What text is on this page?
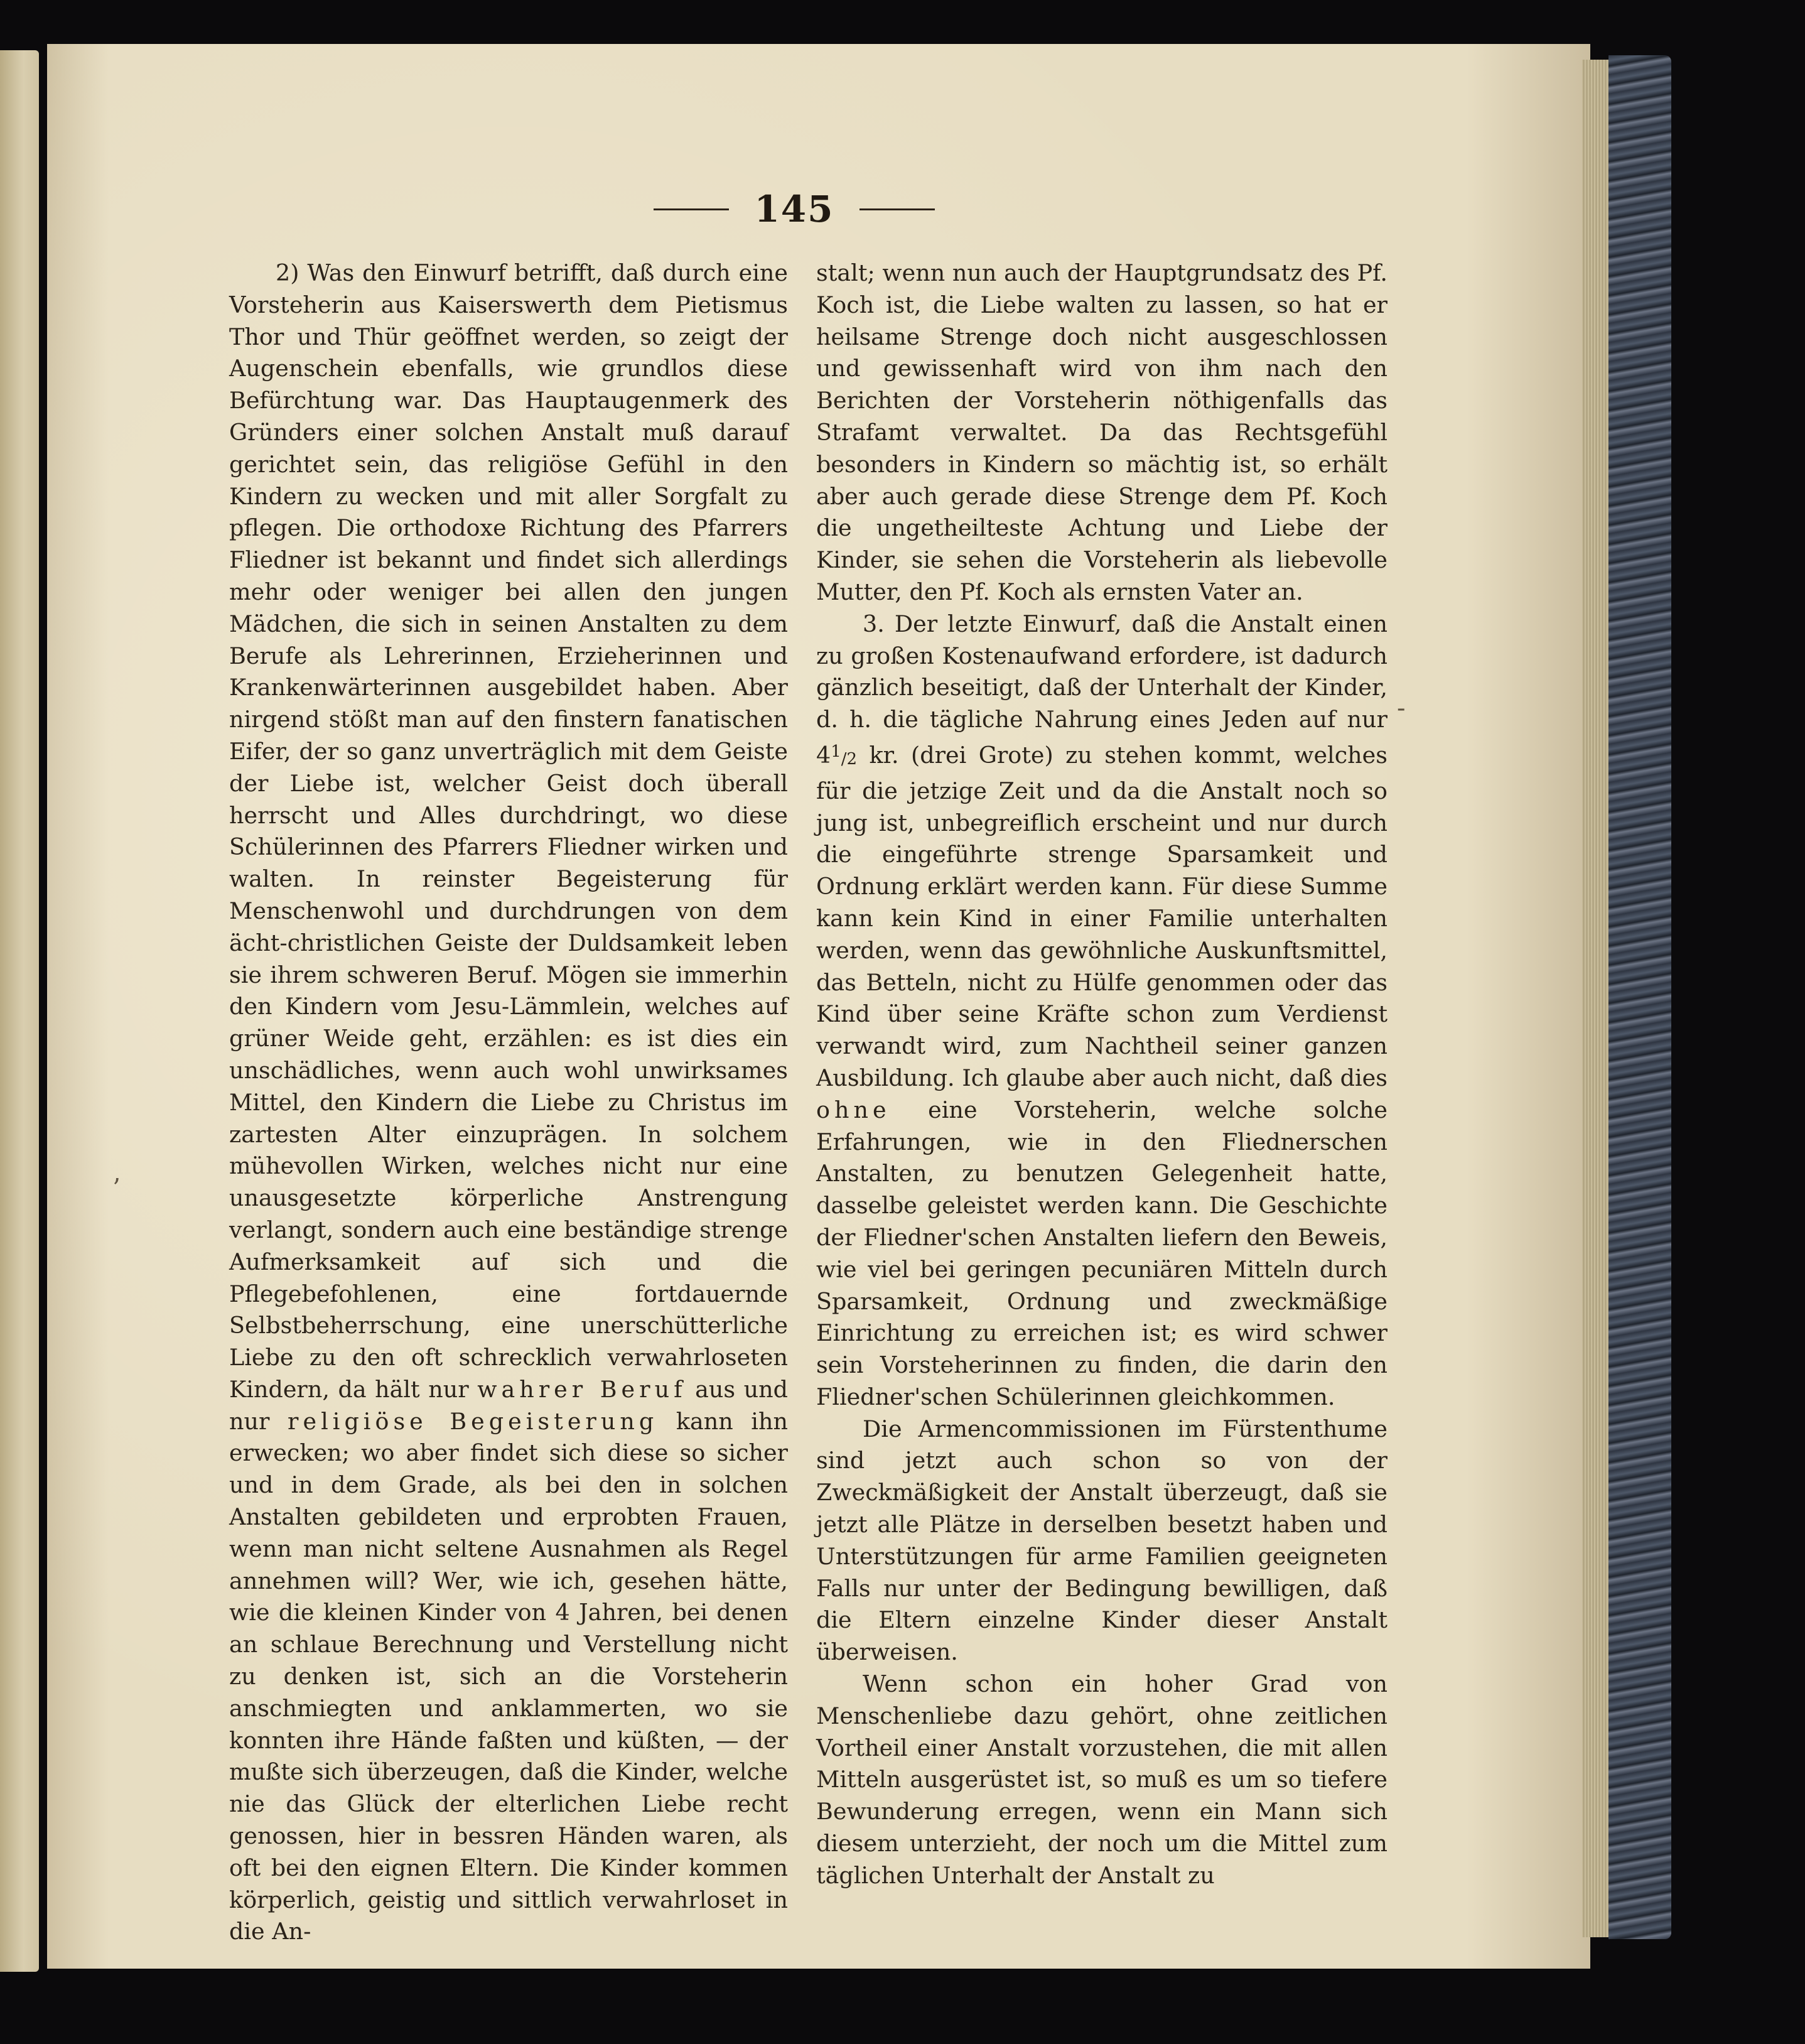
145

2) Was den Einwurf betrifft, daß durch eine Vorsteherin aus Kaiserswerth dem Pietismus Thor und Thür geöffnet werden, so zeigt der Augenschein ebenfalls, wie grundlos diese Befürchtung war. Das Hauptaugenmerk des Gründers einer solchen Anstalt muß darauf gerichtet sein, das religiöse Gefühl in den Kindern zu wecken und mit aller Sorgfalt zu pflegen. Die orthodoxe Richtung des Pfarrers Fliedner ist bekannt und findet sich allerdings mehr oder weniger bei allen den jungen Mädchen, die sich in seinen Anstalten zu dem Berufe als Lehrerinnen, Erzieherinnen und Krankenwärterinnen ausgebildet haben. Aber nirgend stößt man auf den finstern fanatischen Eifer, der so ganz unverträglich mit dem Geiste der Liebe ist, welcher Geist doch überall herrscht und Alles durchdringt, wo diese Schülerinnen des Pfarrers Fliedner wirken und walten. In reinster Begeisterung für Menschenwohl und durchdrungen von dem ächt-christlichen Geiste der Duldsamkeit leben sie ihrem schweren Beruf. Mögen sie immerhin den Kindern vom Jesu-Lämmlein, welches auf grüner Weide geht, erzählen: es ist dies ein unschädliches, wenn auch wohl unwirksames Mittel, den Kindern die Liebe zu Christus im zartesten Alter einzuprägen. In solchem mühevollen Wirken, welches nicht nur eine unausgesetzte körperliche Anstrengung verlangt, sondern auch eine beständige strenge Aufmerksamkeit auf sich und die Pflegebefohlenen, eine fortdauernde Selbstbeherrschung, eine unerschütterliche Liebe zu den oft schrecklich verwahrloseten Kindern, da hält nur wahrer Beruf aus und nur religiöse Begeisterung kann ihn erwecken; wo aber findet sich diese so sicher und in dem Grade, als bei den in solchen Anstalten gebildeten und erprobten Frauen, wenn man nicht seltene Ausnahmen als Regel annehmen will? Wer, wie ich, gesehen hätte, wie die kleinen Kinder von 4 Jahren, bei denen an schlaue Berechnung und Verstellung nicht zu denken ist, sich an die Vorsteherin anschmiegten und anklammerten, wo sie konnten ihre Hände faßten und küßten, — der mußte sich überzeugen, daß die Kinder, welche nie das Glück der elterlichen Liebe recht genossen, hier in bessren Händen waren, als oft bei den eignen Eltern. Die Kinder kommen körperlich, geistig und sittlich verwahrloset in die An-

stalt; wenn nun auch der Hauptgrundsatz des Pf. Koch ist, die Liebe walten zu lassen, so hat er heilsame Strenge doch nicht ausgeschlossen und gewissenhaft wird von ihm nach den Berichten der Vorsteherin nöthigenfalls das Strafamt verwaltet. Da das Rechtsgefühl besonders in Kindern so mächtig ist, so erhält aber auch gerade diese Strenge dem Pf. Koch die ungetheilteste Achtung und Liebe der Kinder, sie sehen die Vorsteherin als liebevolle Mutter, den Pf. Koch als ernsten Vater an.

3. Der letzte Einwurf, daß die Anstalt einen zu großen Kostenaufwand erfordere, ist dadurch gänzlich beseitigt, daß der Unterhalt der Kinder, d. h. die tägliche Nahrung eines Jeden auf nur $4^1/2$ kr. (drei Grote) zu stehen kommt, welches für die jetzige Zeit und da die Anstalt noch so jung ist, unbegreiflich erscheint und nur durch die eingeführte strenge Sparsamkeit und Ordnung erklärt werden kann. Für diese Summe kann kein Kind in einer Familie unterhalten werden, wenn das gewöhnliche Auskunftsmittel, das Betteln, nicht zu Hülfe genommen oder das Kind über seine Kräfte schon zum Verdienst verwandt wird, zum Nachtheil seiner ganzen Ausbildung. Ich glaube aber auch nicht, daß dies ohne eine Vorsteherin, welche solche Erfahrungen, wie in den Fliednerschen Anstalten, zu benutzen Gelegenheit hatte, dasselbe geleistet werden kann. Die Geschichte der Fliedner'schen Anstalten liefern den Beweis, wie viel bei geringen pecuniären Mitteln durch Sparsamkeit, Ordnung und zweckmäßige Einrichtung zu erreichen ist; es wird schwer sein Vorsteherinnen zu finden, die darin den Fliedner'schen Schülerinnen gleichkommen.

Die Armencommissionen im Fürstenthume sind jetzt auch schon so von der Zweckmäßigkeit der Anstalt überzeugt, daß sie jetzt alle Plätze in derselben besetzt haben und Unterstützungen für arme Familien geeigneten Falls nur unter der Bedingung bewilligen, daß die Eltern einzelne Kinder dieser Anstalt überweisen.

Wenn schon ein hoher Grad von Menschenliebe dazu gehört, ohne zeitlichen Vortheil einer Anstalt vorzustehen, die mit allen Mitteln ausgerüstet ist, so muß es um so tiefere Bewunderung erregen, wenn ein Mann sich diesem unterzieht, der noch um die Mittel zum täglichen Unterhalt der Anstalt zu

‐
ʼ
